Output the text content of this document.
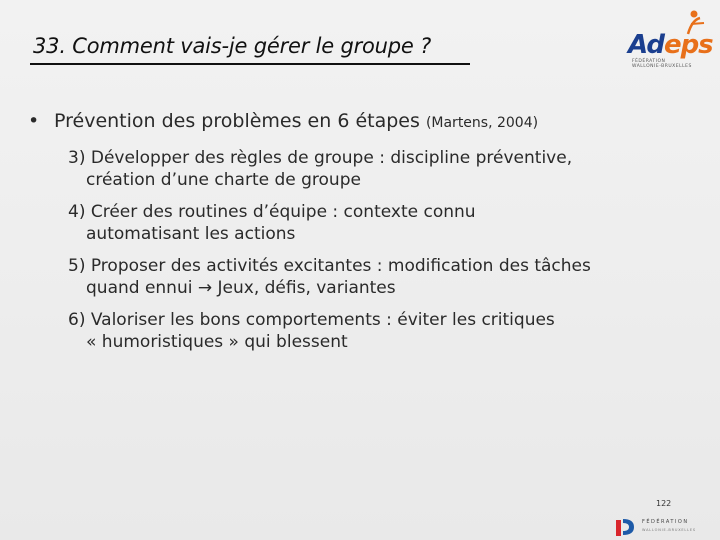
33. Comment vais-je gérer le groupe ?	Adeps
FÉDÉRATION
WALLONIE-BRUXELLES
• Prévention des problèmes en 6 étapes (Martens, 2004)
3) Développer des règles de groupe : discipline préventive,
création d’une charte de groupe
4) Créer des routines d’équipe : contexte connu
automatisant les actions
5) Proposer des activités excitantes : modification des tâches
quand ennui → Jeux, défis, variantes
6) Valoriser les bons comportements : éviter les critiques
« humoristiques » qui blessent
122
FÉDÉRATION
WALLONIE-BRUXELLES
